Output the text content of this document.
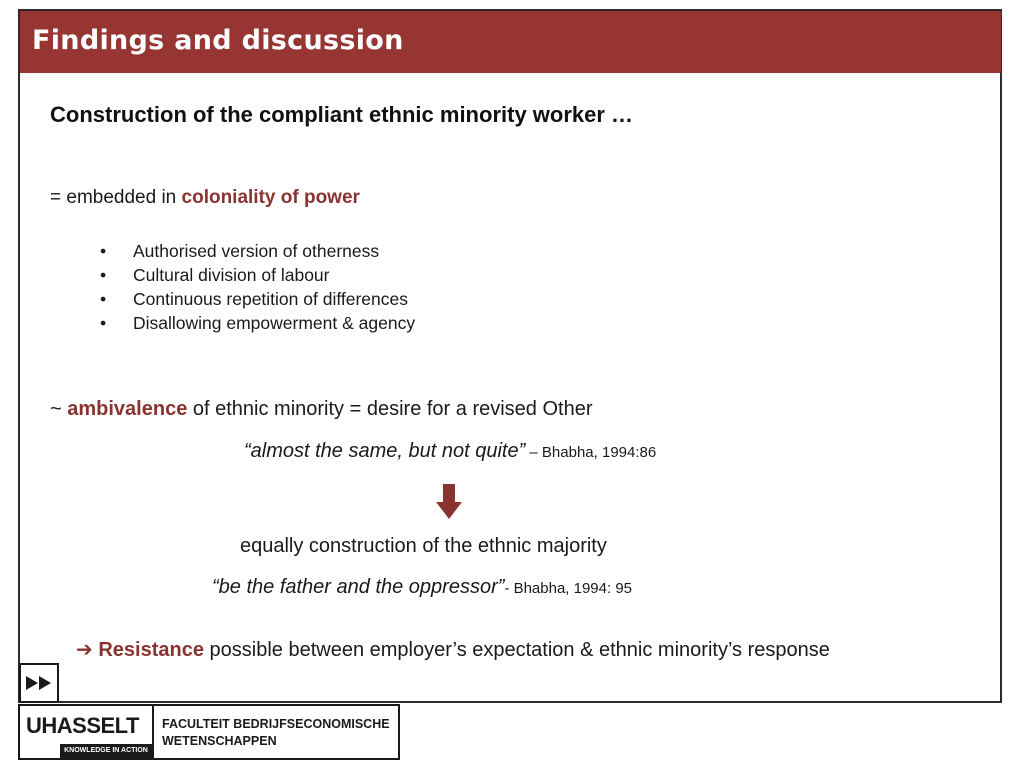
Findings and discussion
Construction of the compliant ethnic minority worker …
= embedded in coloniality of power
• Authorised version of otherness
• Cultural division of labour
• Continuous repetition of differences
• Disallowing empowerment & agency
~ ambivalence of ethnic minority = desire for a revised Other
“almost the same, but not quite” – Bhabha, 1994:86
equally construction of the ethnic majority
“be the father and the oppressor”- Bhabha, 1994: 95
➔ Resistance possible between employer’s expectation & ethnic minority’s response
UHASSELT
KNOWLEDGE IN ACTION
FACULTEIT BEDRIJFSECONOMISCHE
WETENSCHAPPEN
